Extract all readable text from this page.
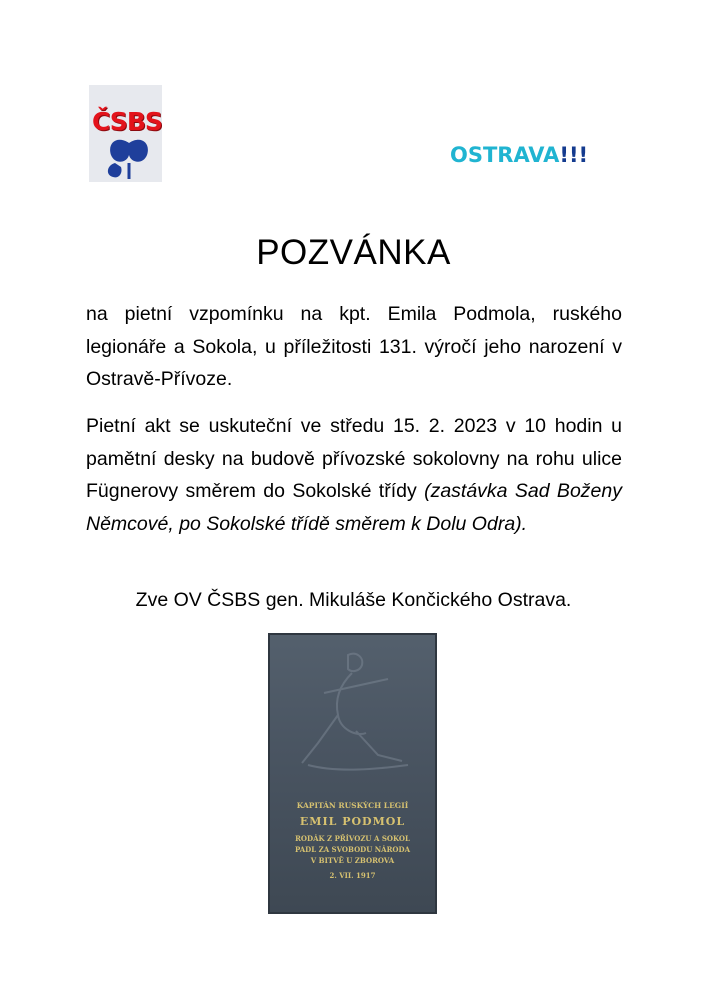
ČSBS
OSTRAVA!!!
POZVÁNKA

na pietní vzpomínku na kpt. Emila Podmola, ruského legionáře a Sokola, u příležitosti 131. výročí jeho narození v Ostravě-Přívoze.

Pietní akt se uskuteční ve středu 15. 2. 2023 v 10 hodin u pamětní desky na budově přívozské sokolovny na rohu ulice Fügnerovy směrem do Sokolské třídy (zastávka Sad Boženy Němcové, po Sokolské třídě směrem k Dolu Odra).

Zve OV ČSBS gen. Mikuláše Končického Ostrava.
KAPITÁN RUSKÝCH LEGIÍ
EMIL PODMOL
RODÁK Z PŘÍVOZU A SOKOL
PADL ZA SVOBODU NÁRODA
V BITVĚ U ZBOROVA
2. VII. 1917
